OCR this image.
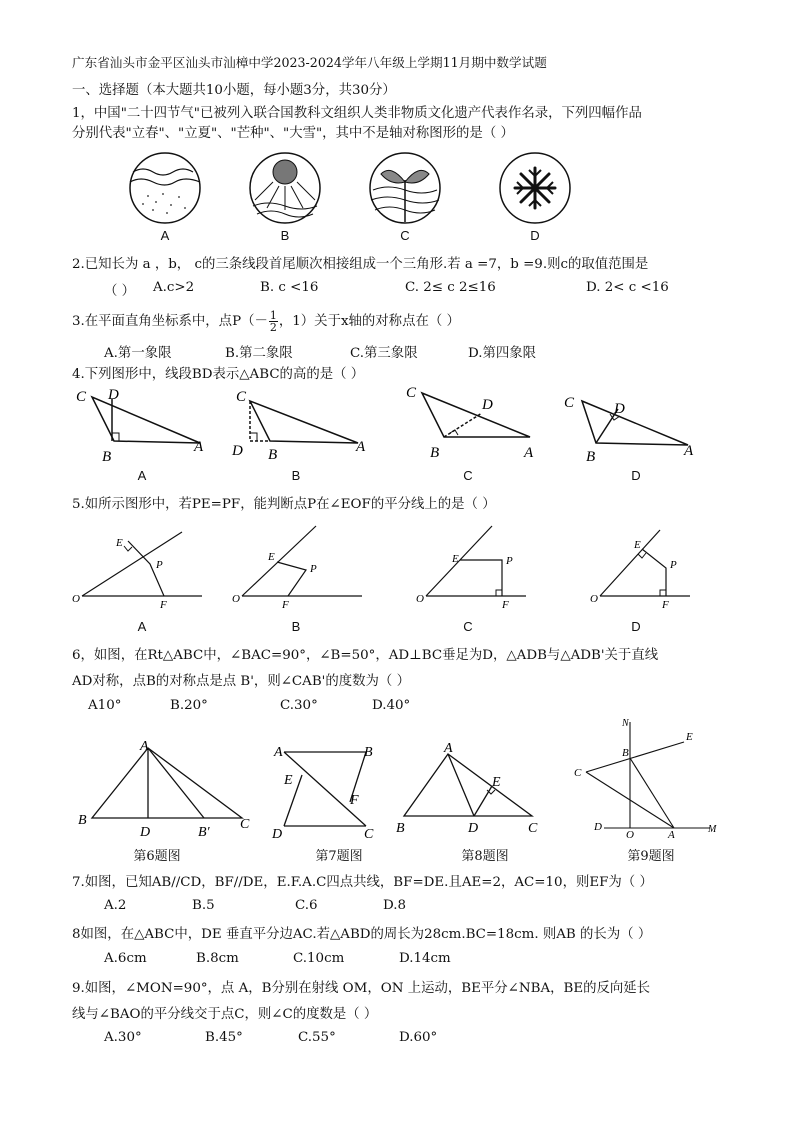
广东省汕头市金平区汕头市汕樟中学2023-2024学年八年级上学期11月期中数学试题
一、选择题（本大题共10小题，每小题3分，共30分）
1，中国"二十四节气"已被列入联合国教科文组织人类非物质文化遗产代表作名录，下列四幅作品
分别代表"立春"、"立夏"、"芒种"、"大雪"，其中不是轴对称图形的是（ ）
A	B	C	D
2.已知长为 a ，b， c的三条线段首尾顺次相接组成一个三角形.若 a =7，b =9.则c的取值范围是
（ ） A.c>2	B. c <16	C. 2≤ c 2≤16	D. 2< c <16
3.在平面直角坐标系中，点$P(- \frac{1}{2}$ ，1）关于x轴的对称点在（ ）
A.第一象限	B.第二象限	C.第三象限	D.第四象限
4.下列图形中，线段BD表示△ABC的高的是（ ）
C D
B
A
C
D B	A
C
D
B	A
C	D
B	A
A	B	C	D
5.如所示图形中，若PE=PF，能判断点P在∠EOF的平分线上的是（ ）
O
E
P
F	O
E
P
F	O
E	P
F	O
E
P
F
A	B	C	D
6，如图，在Rt△ABC中，∠BAC=90°，∠B=50°，AD⊥BC垂足为D，△ADB与△ADB'关于直线
AD对称，点B的对称点是点 B'，则∠CAB'的度数为（ ）
A10°	B.20°	C.30°	D.40°
A
B
D	B′
C
A	B
E
F
D	C
A
E
B	D	C
N
E
B
C
D
O	A	M
第6题图	第7题图	第8题图	第9题图
7.如图，已知AB//CD，BF//DE，E.F.A.C四点共线，BF=DE.且AE=2，AC=10，则EF为（ ）
A.2	B.5	C.6	D.8
8如图，在△ABC中，DE 垂直平分边AC.若△ABD的周长为28cm.BC=18cm. 则AB 的长为（ ）
A.6cm	B.8cm	C.10cm	D.14cm
9.如图，∠MON=90°，点 A，B分别在射线 OM，ON 上运动，BE平分∠NBA，BE的反向延长
线与∠BAO的平分线交于点C，则∠C的度数是（ ）
A.30°	B.45°	C.55°	D.60°
